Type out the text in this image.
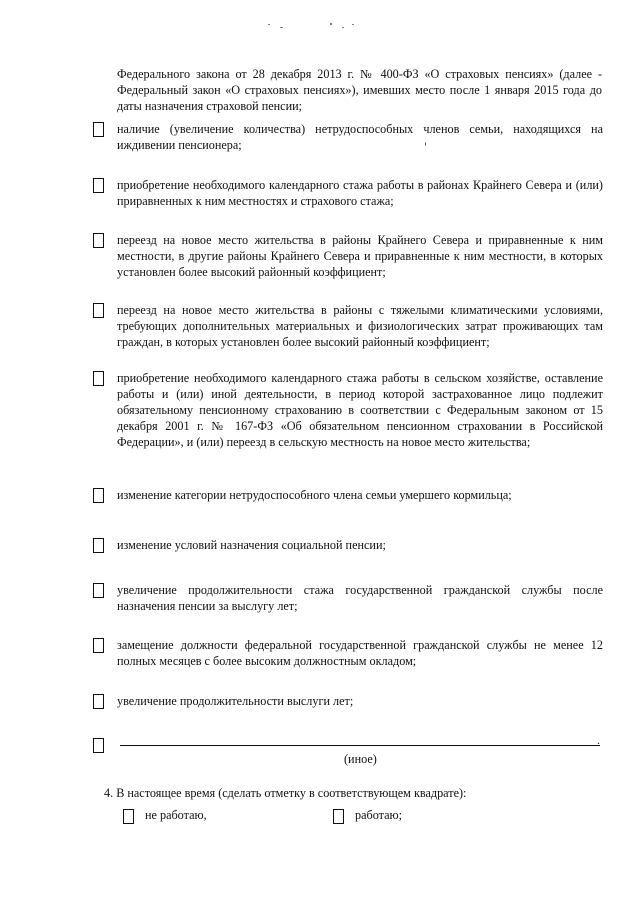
Федерального закона от 28 декабря 2013 г. № 400-ФЗ «О страховых пенсиях» (далее - Федеральный закон «О страховых пенсиях»), имевших место после 1 января 2015 года до даты назначения страховой пенсии;

наличие (увеличение количества) нетрудоспособных членов семьи, находящихся на иждивении пенсионера;
приобретение необходимого календарного стажа работы в районах Крайнего Севера и (или) приравненных к ним местностях и страхового стажа;
переезд на новое место жительства в районы Крайнего Севера и приравненные к ним местности, в другие районы Крайнего Севера и приравненные к ним местности, в которых установлен более высокий районный коэффициент;
переезд на новое место жительства в районы с тяжелыми климатическими условиями, требующих дополнительных материальных и физиологических затрат проживающих там граждан, в которых установлен более высокий районный коэффициент;
приобретение необходимого календарного стажа работы в сельском хозяйстве, оставление работы и (или) иной деятельности, в период которой застрахованное лицо подлежит обязательному пенсионному страхованию в соответствии с Федеральным законом от 15 декабря 2001 г. № 167-ФЗ «Об обязательном пенсионном страховании в Российской Федерации», и (или) переезд в сельскую местность на новое место жительства;
изменение категории нетрудоспособного члена семьи умершего кормильца;
изменение условий назначения социальной пенсии;
увеличение продолжительности стажа государственной гражданской службы после назначения пенсии за выслугу лет;
замещение должности федеральной государственной гражданской службы не менее 12 полных месяцев с более высоким должностным окладом;
увеличение продолжительности выслуги лет;
.
(иное)
4. В настоящее время (сделать отметку в соответствующем квадрате):
не работаю,	работаю;
